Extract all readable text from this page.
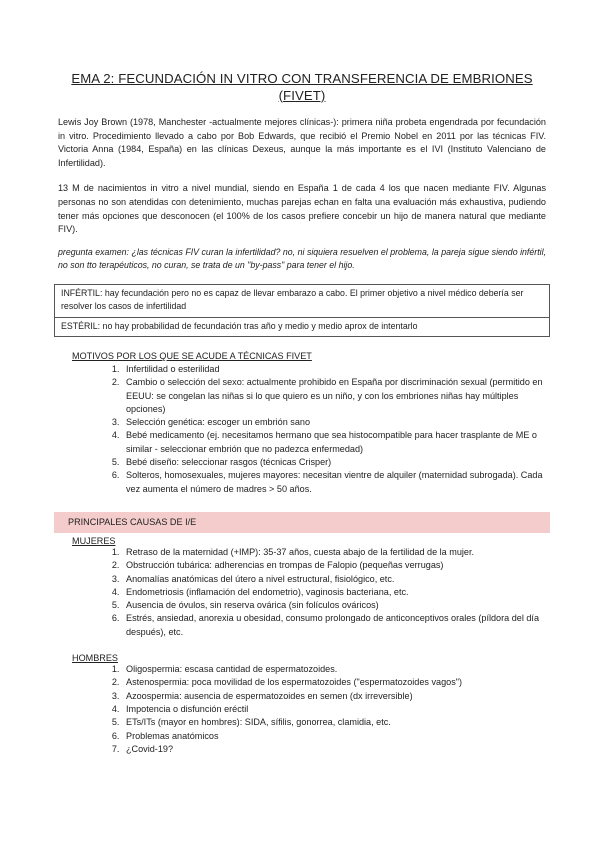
EMA 2: FECUNDACIÓN IN VITRO CON TRANSFERENCIA DE EMBRIONES (FIVET)

Lewis Joy Brown (1978, Manchester -actualmente mejores clínicas-): primera niña probeta engendrada por fecundación in vitro. Procedimiento llevado a cabo por Bob Edwards, que recibió el Premio Nobel en 2011 por las técnicas FIV. Victoria Anna (1984, España) en las clínicas Dexeus, aunque la más importante es el IVI (Instituto Valenciano de Infertilidad).

13 M de nacimientos in vitro a nivel mundial, siendo en España 1 de cada 4 los que nacen mediante FIV. Algunas personas no son atendidas con detenimiento, muchas parejas echan en falta una evaluación más exhaustiva, pudiendo tener más opciones que desconocen (el 100% de los casos prefiere concebir un hijo de manera natural que mediante FIV).

pregunta examen: ¿las técnicas FIV curan la infertilidad? no, ni siquiera resuelven el problema, la pareja sigue siendo infértil, no son tto terapéuticos, no curan, se trata de un "by-pass" para tener el hijo.

INFÉRTIL: hay fecundación pero no es capaz de llevar embarazo a cabo. El primer objetivo a nivel médico debería ser resolver los casos de infertilidad
ESTÉRIL: no hay probabilidad de fecundación tras año y medio y medio aprox de intentarlo
MOTIVOS POR LOS QUE SE ACUDE A TÉCNICAS FIVET
1. Infertilidad o esterilidad
2. Cambio o selección del sexo: actualmente prohibido en España por discriminación sexual (permitido en EEUU: se congelan las niñas si lo que quiero es un niño, y con los embriones niñas hay múltiples opciones)
3. Selección genética: escoger un embrión sano
4. Bebé medicamento (ej. necesitamos hermano que sea histocompatible para hacer trasplante de ME o similar - seleccionar embrión que no padezca enfermedad)
5. Bebé diseño: seleccionar rasgos (técnicas Crisper)
6. Solteros, homosexuales, mujeres mayores: necesitan vientre de alquiler (maternidad subrogada). Cada vez aumenta el número de madres > 50 años.
PRINCIPALES CAUSAS DE I/E
MUJERES
1. Retraso de la maternidad (+IMP): 35-37 años, cuesta abajo de la fertilidad de la mujer.
2. Obstrucción tubárica: adherencias en trompas de Falopio (pequeñas verrugas)
3. Anomalías anatómicas del útero a nivel estructural, fisiológico, etc.
4. Endometriosis (inflamación del endometrio), vaginosis bacteriana, etc.
5. Ausencia de óvulos, sin reserva ovárica (sin folículos ováricos)
6. Estrés, ansiedad, anorexia u obesidad, consumo prolongado de anticonceptivos orales (píldora del día después), etc.
HOMBRES
1. Oligospermia: escasa cantidad de espermatozoides.
2. Astenospermia: poca movilidad de los espermatozoides ("espermatozoides vagos")
3. Azoospermia: ausencia de espermatozoides en semen (dx irreversible)
4. Impotencia o disfunción eréctil
5. ETs/ITs (mayor en hombres): SIDA, sífilis, gonorrea, clamidia, etc.
6. Problemas anatómicos
7. ¿Covid-19?
